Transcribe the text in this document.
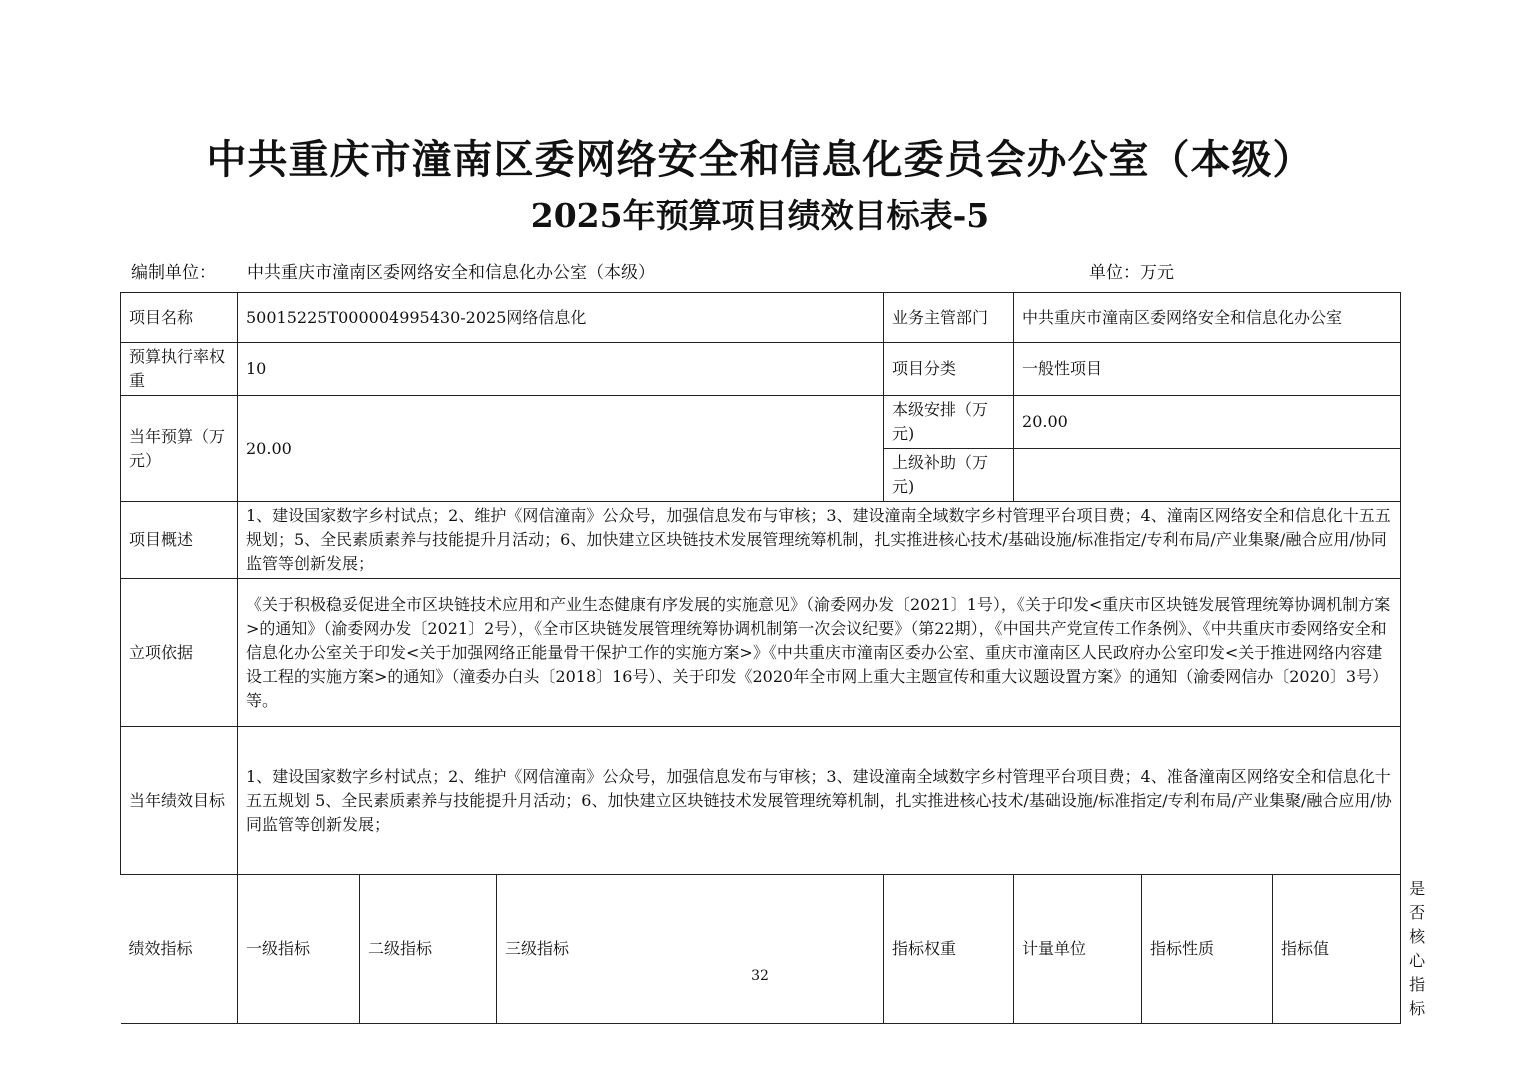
中共重庆市潼南区委网络安全和信息化委员会办公室（本级）
2025年预算项目绩效目标表-5
编制单位： 中共重庆市潼南区委网络安全和信息化办公室（本级）	单位：万元
项目名称	50015225T000004995430-2025网络信息化			业务主管部门	中共重庆市潼南区委网络安全和信息化办公室			
预算执行率权重	10			项目分类	一般性项目			
当年预算（万元）	20.00			本级安排（万元)	20.00			
				上级补助（万元)				
项目概述	1、建设国家数字乡村试点；2、维护《网信潼南》公众号，加强信息发布与审核；3、建设潼南全域数字乡村管理平台项目费；4、潼南区网络安全和信息化十五五规划；5、全民素质素养与技能提升月活动；6、加快建立区块链技术发展管理统筹机制，扎实推进核心技术/基础设施/标准指定/专利布局/产业集聚/融合应用/协同监管等创新发展；							
立项依据	《关于积极稳妥促进全市区块链技术应用和产业生态健康有序发展的实施意见》（渝委网办发〔2021〕1号），《关于印发<重庆市区块链发展管理统筹协调机制方案>的通知》（渝委网办发〔2021〕2号），《全市区块链发展管理统筹协调机制第一次会议纪要》（第22期），《中国共产党宣传工作条例》、《中共重庆市委网络安全和信息化办公室关于印发<关于加强网络正能量骨干保护工作的实施方案>》《中共重庆市潼南区委办公室、重庆市潼南区人民政府办公室印发<关于推进网络内容建设工程的实施方案>的通知》（潼委办白头〔2018〕16号）、关于印发《2020年全市网上重大主题宣传和重大议题设置方案》的通知（渝委网信办〔2020〕3号）等。							
当年绩效目标	1、建设国家数字乡村试点；2、维护《网信潼南》公众号，加强信息发布与审核；3、建设潼南全域数字乡村管理平台项目费；4、准备潼南区网络安全和信息化十五五规划 5、全民素质素养与技能提升月活动；6、加快建立区块链技术发展管理统筹机制，扎实推进核心技术/基础设施/标准指定/专利布局/产业集聚/融合应用/协同监管等创新发展；							
绩效指标	一级指标	二级指标	三级指标	指标权重	计量单位	指标性质	指标值	是否核心指标
32
